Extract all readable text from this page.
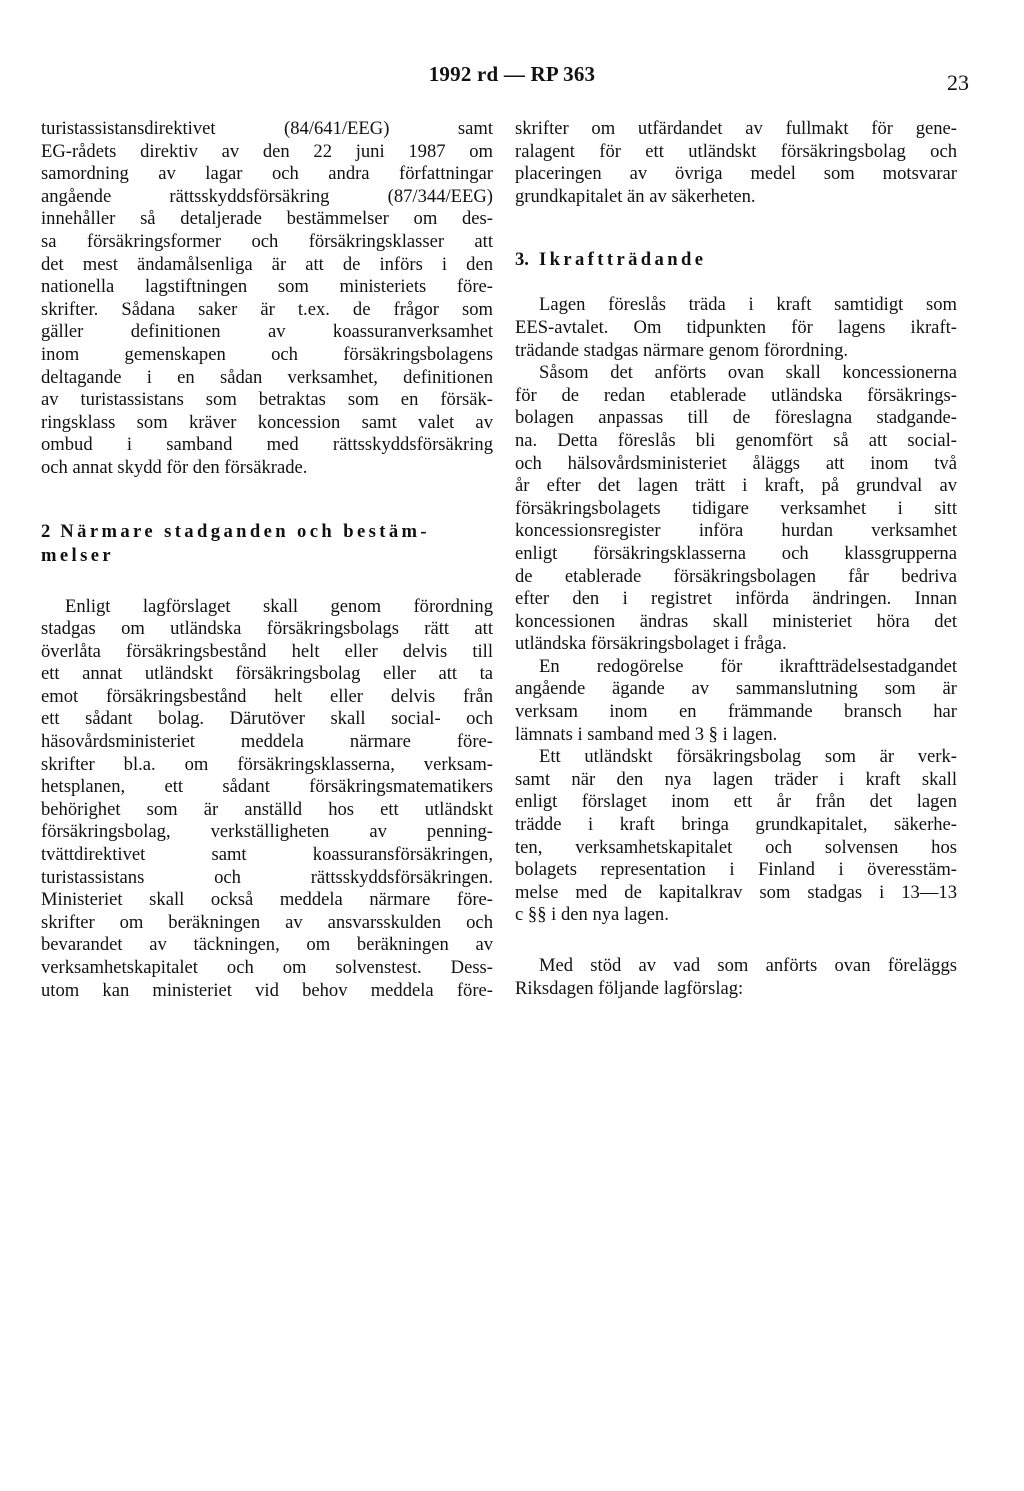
1992 rd — RP 363	23
turistassistansdirektivet (84/641/EEG) samt
EG-rådets direktiv av den 22 juni 1987 om
samordning av lagar och andra författningar
angående rättsskyddsförsäkring (87/344/EEG)
innehåller så detaljerade bestämmelser om des-
sa försäkringsformer och försäkringsklasser att
det mest ändamålsenliga är att de införs i den
nationella lagstiftningen som ministeriets före-
skrifter. Sådana saker är t.ex. de frågor som
gäller definitionen av koassuranverksamhet
inom gemenskapen och försäkringsbolagens
deltagande i en sådan verksamhet, definitionen
av turistassistans som betraktas som en försäk-
ringsklass som kräver koncession samt valet av
ombud i samband med rättsskyddsförsäkring
och annat skydd för den försäkrade.
2 Närmare stadganden och bestäm-
melser
Enligt lagförslaget skall genom förordning
stadgas om utländska försäkringsbolags rätt att
överlåta försäkringsbestånd helt eller delvis till
ett annat utländskt försäkringsbolag eller att ta
emot försäkringsbestånd helt eller delvis från
ett sådant bolag. Därutöver skall social- och
häsovårdsministeriet meddela närmare före-
skrifter bl.a. om försäkringsklasserna, verksam-
hetsplanen, ett sådant försäkringsmatematikers
behörighet som är anställd hos ett utländskt
försäkringsbolag, verkställigheten av penning-
tvättdirektivet samt koassuransförsäkringen,
turistassistans och rättsskyddsförsäkringen.
Ministeriet skall också meddela närmare före-
skrifter om beräkningen av ansvarsskulden och
bevarandet av täckningen, om beräkningen av
verksamhetskapitalet och om solvenstest. Dess-
utom kan ministeriet vid behov meddela före-
skrifter om utfärdandet av fullmakt för gene-
ralagent för ett utländskt försäkringsbolag och
placeringen av övriga medel som motsvarar
grundkapitalet än av säkerheten.
3. Ikraftträdande
Lagen föreslås träda i kraft samtidigt som
EES-avtalet. Om tidpunkten för lagens ikraft-
trädande stadgas närmare genom förordning.
Såsom det anförts ovan skall koncessionerna
för de redan etablerade utländska försäkrings-
bolagen anpassas till de föreslagna stadgande-
na. Detta föreslås bli genomfört så att social-
och hälsovårdsministeriet åläggs att inom två
år efter det lagen trätt i kraft, på grundval av
försäkringsbolagets tidigare verksamhet i sitt
koncessionsregister införa hurdan verksamhet
enligt försäkringsklasserna och klassgrupperna
de etablerade försäkringsbolagen får bedriva
efter den i registret införda ändringen. Innan
koncessionen ändras skall ministeriet höra det
utländska försäkringsbolaget i fråga.
En redogörelse för ikraftträdelsestadgandet
angående ägande av sammanslutning som är
verksam inom en främmande bransch har
lämnats i samband med 3 § i lagen.
Ett utländskt försäkringsbolag som är verk-
samt när den nya lagen träder i kraft skall
enligt förslaget inom ett år från det lagen
trädde i kraft bringa grundkapitalet, säkerhe-
ten, verksamhetskapitalet och solvensen hos
bolagets representation i Finland i överesstäm-
melse med de kapitalkrav som stadgas i 13—13
c §§ i den nya lagen.
Med stöd av vad som anförts ovan föreläggs
Riksdagen följande lagförslag:
